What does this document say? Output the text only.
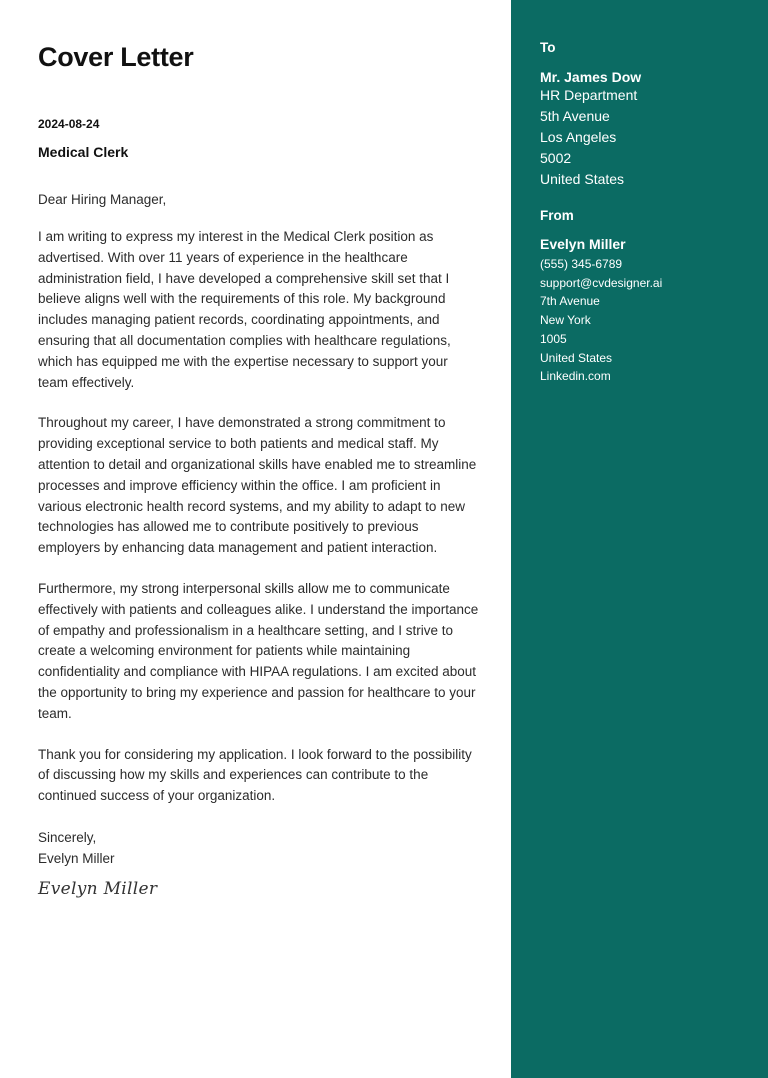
Cover Letter
2024-08-24
Medical Clerk
Dear Hiring Manager,
I am writing to express my interest in the Medical Clerk position as advertised. With over 11 years of experience in the healthcare administration field, I have developed a comprehensive skill set that I believe aligns well with the requirements of this role. My background includes managing patient records, coordinating appointments, and ensuring that all documentation complies with healthcare regulations, which has equipped me with the expertise necessary to support your team effectively.
Throughout my career, I have demonstrated a strong commitment to providing exceptional service to both patients and medical staff. My attention to detail and organizational skills have enabled me to streamline processes and improve efficiency within the office. I am proficient in various electronic health record systems, and my ability to adapt to new technologies has allowed me to contribute positively to previous employers by enhancing data management and patient interaction.
Furthermore, my strong interpersonal skills allow me to communicate effectively with patients and colleagues alike. I understand the importance of empathy and professionalism in a healthcare setting, and I strive to create a welcoming environment for patients while maintaining confidentiality and compliance with HIPAA regulations. I am excited about the opportunity to bring my experience and passion for healthcare to your team.
Thank you for considering my application. I look forward to the possibility of discussing how my skills and experiences can contribute to the continued success of your organization.
Sincerely,
Evelyn Miller
Evelyn Miller
To
Mr. James Dow
HR Department
5th Avenue
Los Angeles
5002
United States
From
Evelyn Miller
(555) 345-6789
support@cvdesigner.ai
7th Avenue
New York
1005
United States
Linkedin.com
